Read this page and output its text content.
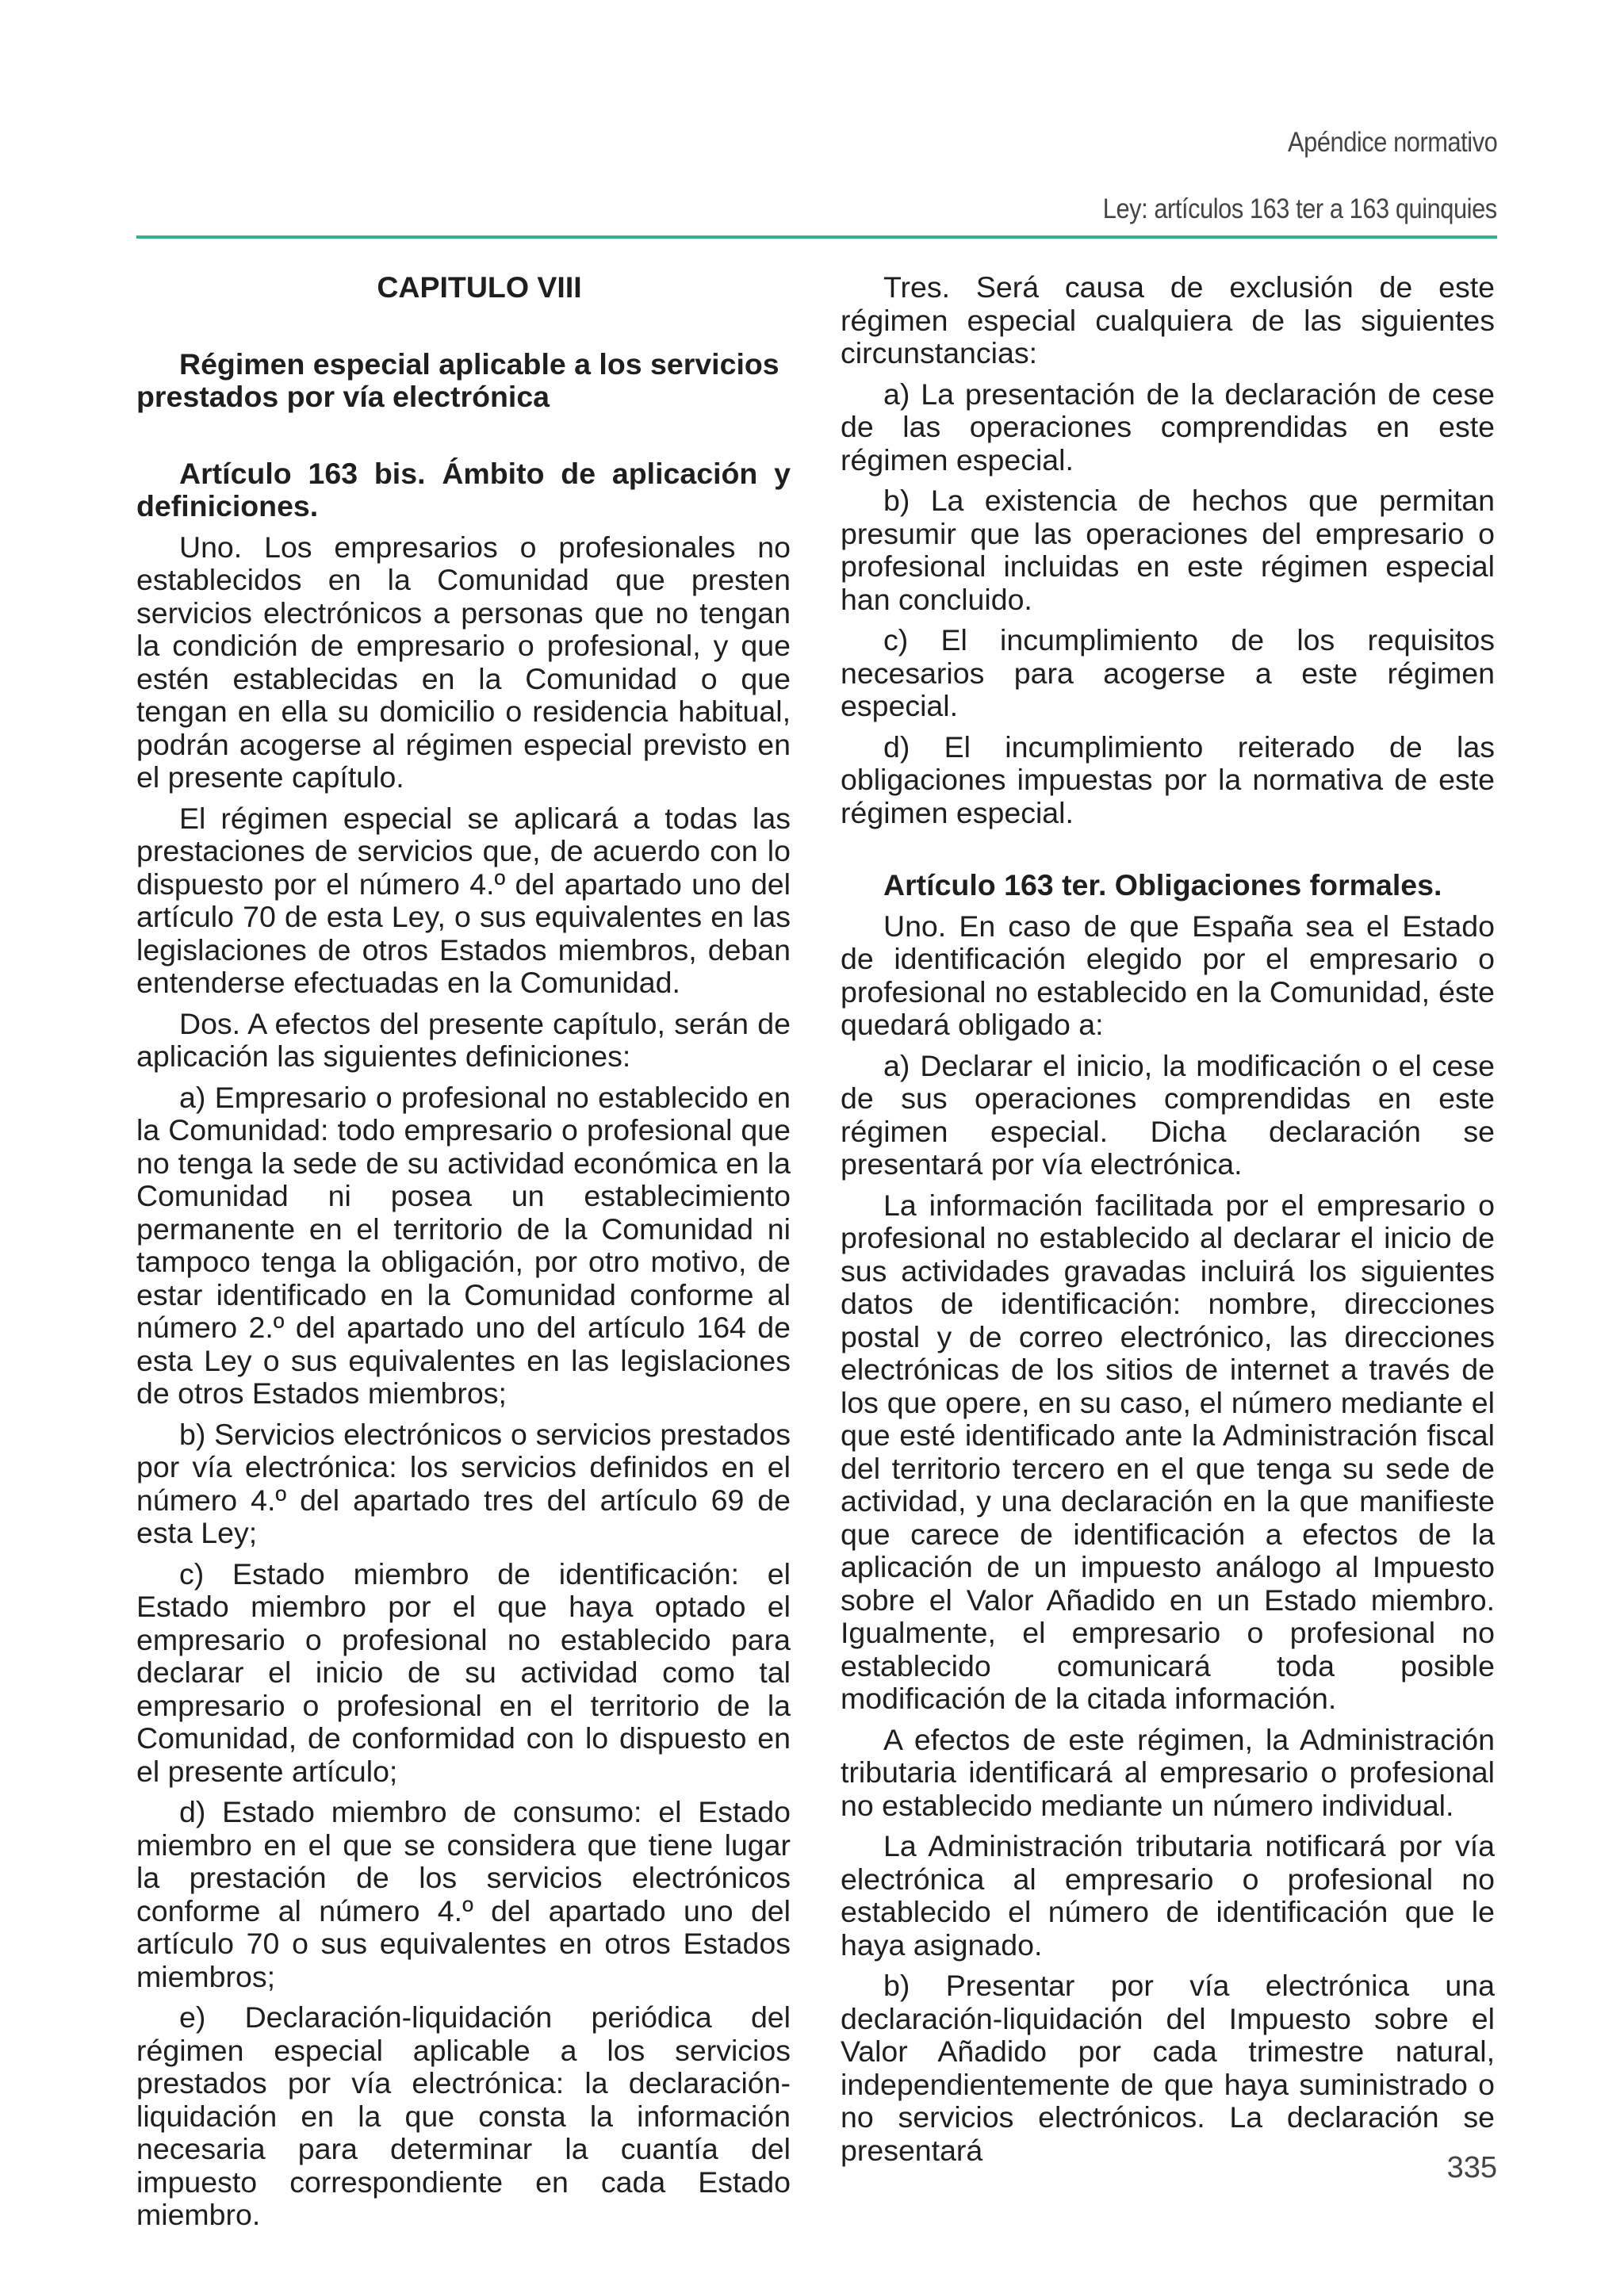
Apéndice normativo
Ley: artículos 163 ter a 163 quinquies

CAPITULO VIII

Régimen especial aplicable a los servicios prestados por vía electrónica

Artículo 163 bis. Ámbito de aplicación y definiciones.

Uno. Los empresarios o profesionales no establecidos en la Comunidad que presten servicios electrónicos a personas que no tengan la condición de empresario o profesional, y que estén establecidas en la Comunidad o que tengan en ella su domicilio o residencia habitual, podrán acogerse al régimen especial previsto en el presente capítulo.

El régimen especial se aplicará a todas las prestaciones de servicios que, de acuerdo con lo dispuesto por el número 4.º del apartado uno del artículo 70 de esta Ley, o sus equivalentes en las legislaciones de otros Estados miembros, deban entenderse efectuadas en la Comunidad.

Dos. A efectos del presente capítulo, serán de aplicación las siguientes definiciones:

a) Empresario o profesional no establecido en la Comunidad: todo empresario o profesional que no tenga la sede de su actividad económica en la Comunidad ni posea un establecimiento permanente en el territorio de la Comunidad ni tampoco tenga la obligación, por otro motivo, de estar identificado en la Comunidad conforme al número 2.º del apartado uno del artículo 164 de esta Ley o sus equivalentes en las legislaciones de otros Estados miembros;

b) Servicios electrónicos o servicios prestados por vía electrónica: los servicios definidos en el número 4.º del apartado tres del artículo 69 de esta Ley;

c) Estado miembro de identificación: el Estado miembro por el que haya optado el empresario o profesional no establecido para declarar el inicio de su actividad como tal empresario o profesional en el territorio de la Comunidad, de conformidad con lo dispuesto en el presente artículo;

d) Estado miembro de consumo: el Estado miembro en el que se considera que tiene lugar la prestación de los servicios electrónicos conforme al número 4.º del apartado uno del artículo 70 o sus equivalentes en otros Estados miembros;

e) Declaración-liquidación periódica del régimen especial aplicable a los servicios prestados por vía electrónica: la declaración-liquidación en la que consta la información necesaria para determinar la cuantía del impuesto correspondiente en cada Estado miembro.

Tres. Será causa de exclusión de este régimen especial cualquiera de las siguientes circunstancias:

a) La presentación de la declaración de cese de las operaciones comprendidas en este régimen especial.

b) La existencia de hechos que permitan presumir que las operaciones del empresario o profesional incluidas en este régimen especial han concluido.

c) El incumplimiento de los requisitos necesarios para acogerse a este régimen especial.

d) El incumplimiento reiterado de las obligaciones impuestas por la normativa de este régimen especial.

Artículo 163 ter. Obligaciones formales.

Uno. En caso de que España sea el Estado de identificación elegido por el empresario o profesional no establecido en la Comunidad, éste quedará obligado a:

a) Declarar el inicio, la modificación o el cese de sus operaciones comprendidas en este régimen especial. Dicha declaración se presentará por vía electrónica.

La información facilitada por el empresario o profesional no establecido al declarar el inicio de sus actividades gravadas incluirá los siguientes datos de identificación: nombre, direcciones postal y de correo electrónico, las direcciones electrónicas de los sitios de internet a través de los que opere, en su caso, el número mediante el que esté identificado ante la Administración fiscal del territorio tercero en el que tenga su sede de actividad, y una declaración en la que manifieste que carece de identificación a efectos de la aplicación de un impuesto análogo al Impuesto sobre el Valor Añadido en un Estado miembro. Igualmente, el empresario o profesional no establecido comunicará toda posible modificación de la citada información.

A efectos de este régimen, la Administración tributaria identificará al empresario o profesional no establecido mediante un número individual.

La Administración tributaria notificará por vía electrónica al empresario o profesional no establecido el número de identificación que le haya asignado.

b) Presentar por vía electrónica una declaración-liquidación del Impuesto sobre el Valor Añadido por cada trimestre natural, independientemente de que haya suministrado o no servicios electrónicos. La declaración se presentará

335
